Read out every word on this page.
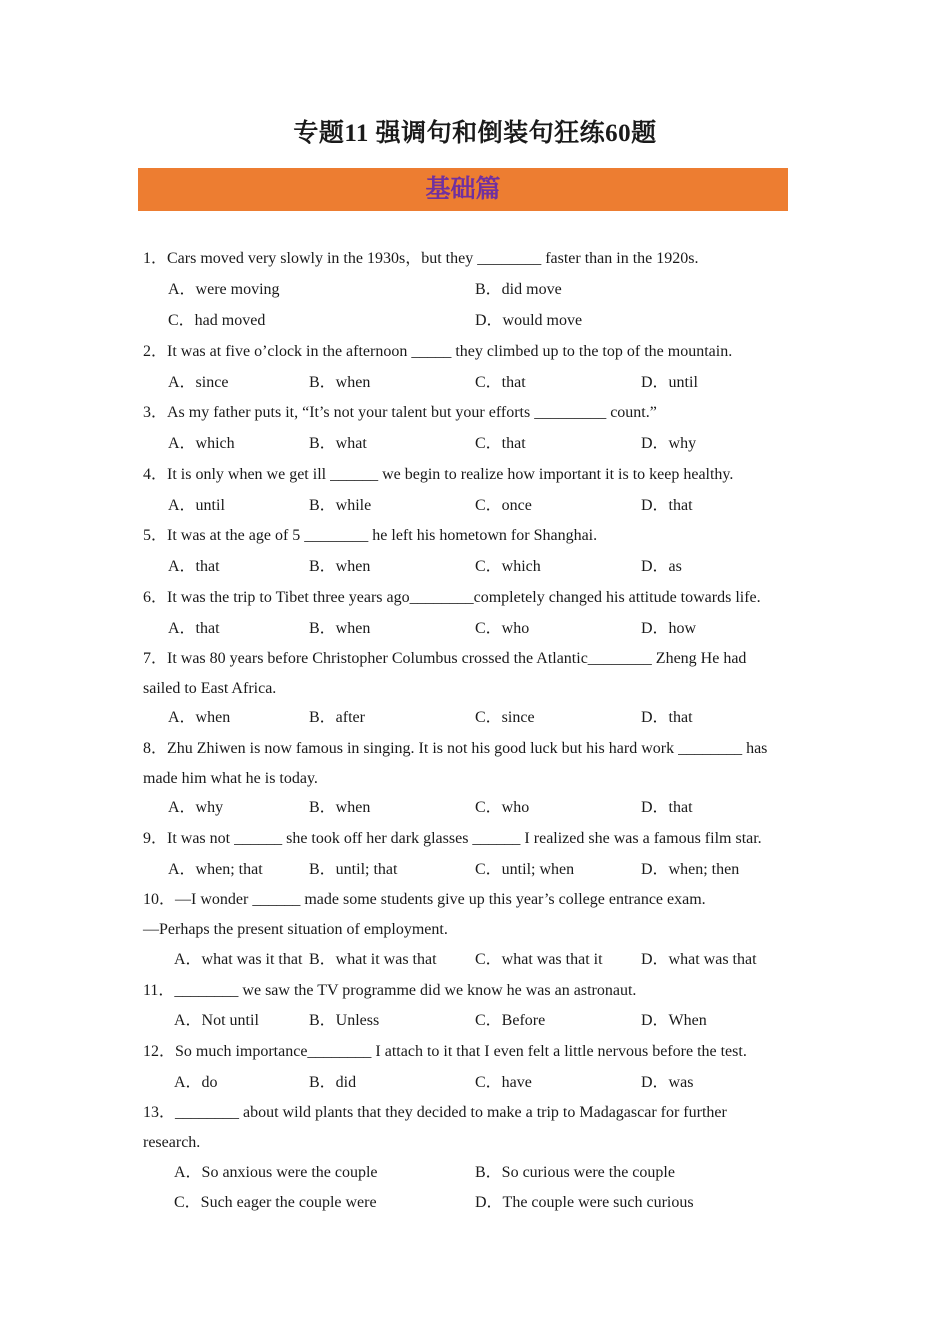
专题11 强调句和倒装句狂练60题
基础篇
1．Cars moved very slowly in the 1930s，but they ________ faster than in the 1920s.
A．were moving	B．did move
C．had moved	D．would move
2．It was at five o’clock in the afternoon _____ they climbed up to the top of the mountain.
A．since	B．when	C．that	D．until
3．As my father puts it, “It’s not your talent but your efforts _________ count.”
A．which	B．what	C．that	D．why
4．It is only when we get ill ______ we begin to realize how important it is to keep healthy.
A．until	B．while	C．once	D．that
5．It was at the age of 5 ________ he left his hometown for Shanghai.
A．that	B．when	C．which	D．as
6．It was the trip to Tibet three years ago________completely changed his attitude towards life.
A．that	B．when	C．who	D．how
7．It was 80 years before Christopher Columbus crossed the Atlantic________ Zheng He had
sailed to East Africa.
A．when	B．after	C．since	D．that
8．Zhu Zhiwen is now famous in singing. It is not his good luck but his hard work ________ has
made him what he is today.
A．why	B．when	C．who	D．that
9．It was not ______ she took off her dark glasses ______ I realized she was a famous film star.
A．when; that	B．until; that	C．until; when	D．when; then
10．—I wonder ______ made some students give up this year’s college entrance exam.
—Perhaps the present situation of employment.
A．what was it that B．what it was that C．what was that it D．what was that
11．________ we saw the TV programme did we know he was an astronaut.
A．Not until	B．Unless	C．Before	D．When
12．So much importance________ I attach to it that I even felt a little nervous before the test.
A．do	B．did	C．have	D．was
13．________ about wild plants that they decided to make a trip to Madagascar for further
research.
A．So anxious were the couple	B．So curious were the couple
C．Such eager the couple were	D．The couple were such curious
